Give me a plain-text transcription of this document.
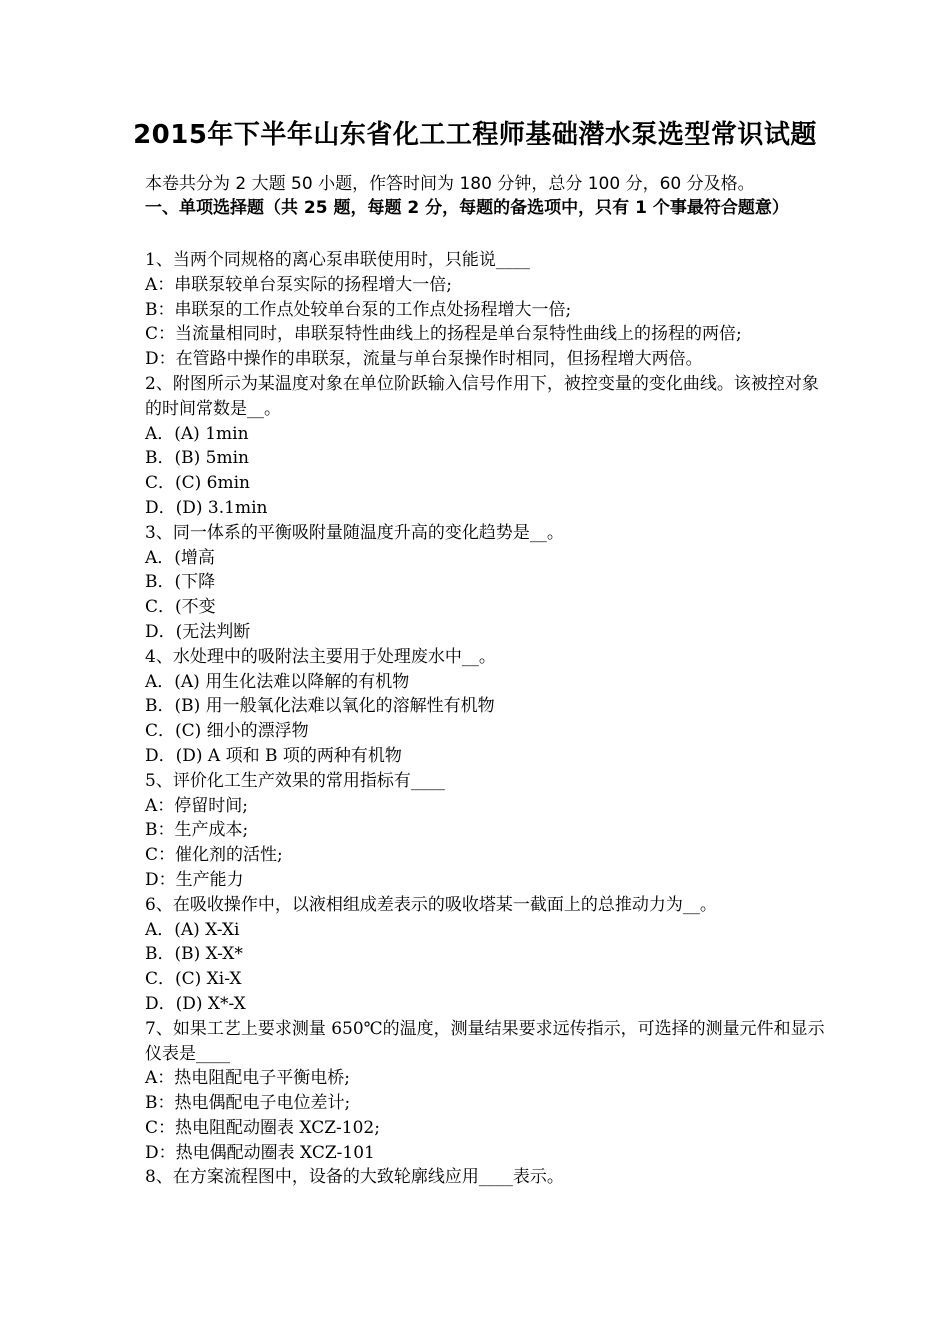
2015年下半年山东省化工工程师基础潜水泵选型常识试题
本卷共分为 2 大题 50 小题，作答时间为 180 分钟，总分 100 分，60 分及格。
一、单项选择题（共 25 题，每题 2 分，每题的备选项中，只有 1 个事最符合题意）
1、当两个同规格的离心泵串联使用时，只能说____
A：串联泵较单台泵实际的扬程增大一倍;
B：串联泵的工作点处较单台泵的工作点处扬程增大一倍;
C：当流量相同时，串联泵特性曲线上的扬程是单台泵特性曲线上的扬程的两倍;
D：在管路中操作的串联泵，流量与单台泵操作时相同，但扬程增大两倍。
2、附图所示为某温度对象在单位阶跃输入信号作用下，被控变量的变化曲线。该被控对象的时间常数是__。
A．(A) 1min
B．(B) 5min
C．(C) 6min
D．(D) 3.1min
3、同一体系的平衡吸附量随温度升高的变化趋势是__。
A．(增高
B．(下降
C．(不变
D．(无法判断
4、水处理中的吸附法主要用于处理废水中__。
A．(A) 用生化法难以降解的有机物
B．(B) 用一般氧化法难以氧化的溶解性有机物
C．(C) 细小的漂浮物
D．(D) A 项和 B 项的两种有机物
5、评价化工生产效果的常用指标有____
A：停留时间;
B：生产成本;
C：催化剂的活性;
D：生产能力
6、在吸收操作中，以液相组成差表示的吸收塔某一截面上的总推动力为__。
A．(A) X-Xi
B．(B) X-X*
C．(C) Xi-X
D．(D) X*-X
7、如果工艺上要求测量 650℃的温度，测量结果要求远传指示，可选择的测量元件和显示仪表是____
A：热电阻配电子平衡电桥;
B：热电偶配电子电位差计;
C：热电阻配动圈表 XCZ-102;
D：热电偶配动圈表 XCZ-101
8、在方案流程图中，设备的大致轮廓线应用____表示。
